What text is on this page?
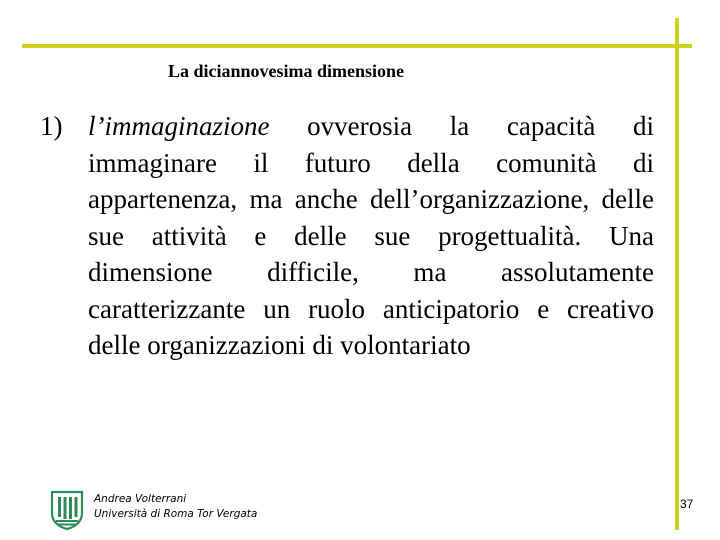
La diciannovesima dimensione
1) l’immaginazione ovverosia la capacità di immaginare il futuro della comunità di appartenenza, ma anche dell’organizzazione, delle sue attività e delle sue progettualità. Una dimensione difficile, ma assolutamente caratterizzante un ruolo anticipatorio e creativo delle organizzazioni di volontariato
Andrea Volterrani
Università di Roma Tor Vergata
37
